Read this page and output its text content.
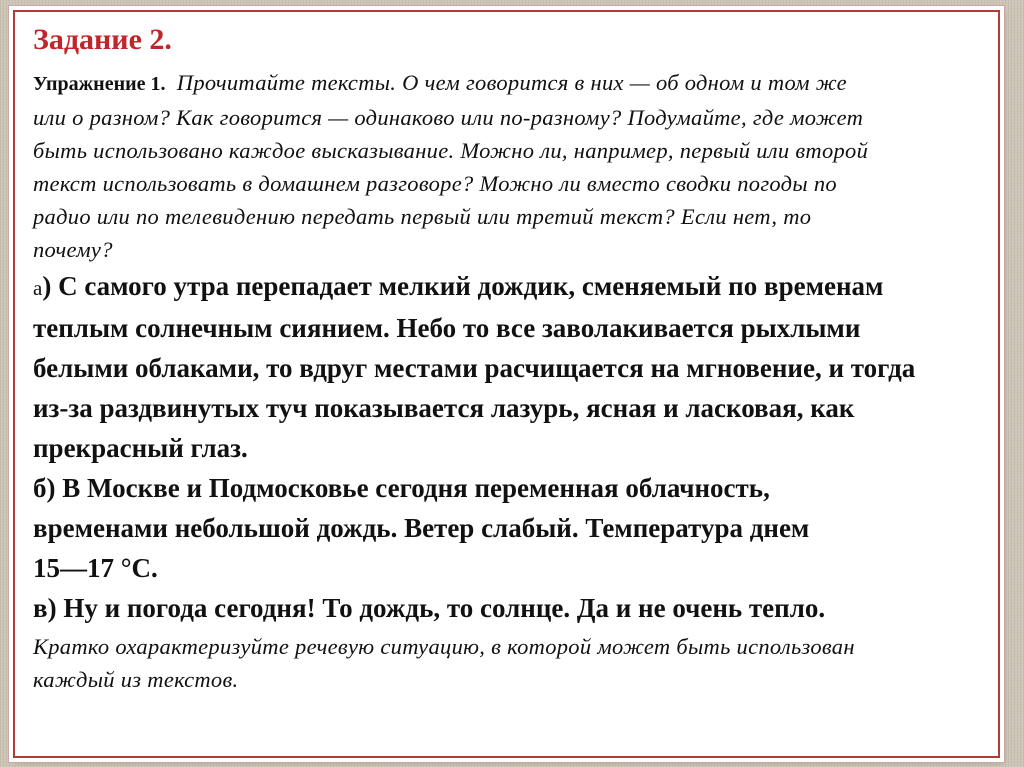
Задание 2.
Упражнение 1. Прочитайте тексты. О чем говорится в них — об одном и том же
или о разном? Как говорится — одинаково или по-разному? Подумайте, где может
быть использовано каждое высказывание. Можно ли, например, первый или второй
текст использовать в домашнем разговоре? Можно ли вместо сводки погоды по
радио или по телевидению передать первый или третий текст? Если нет, то
почему?
а) С самого утра перепадает мелкий дождик, сменяемый по временам
теплым солнечным сиянием. Небо то все заволакивается рыхлыми
белыми облаками, то вдруг местами расчищается на мгновение, и тогда
из-за раздвинутых туч показывается лазурь, ясная и ласковая, как
прекрасный глаз.
б) В Москве и Подмосковье сегодня переменная облачность,
временами небольшой дождь. Ветер слабый. Температура днем
15—17 °С.
в) Ну и погода сегодня! То дождь, то солнце. Да и не очень тепло.
Кратко охарактеризуйте речевую ситуацию, в которой может быть использован
каждый из текстов.
